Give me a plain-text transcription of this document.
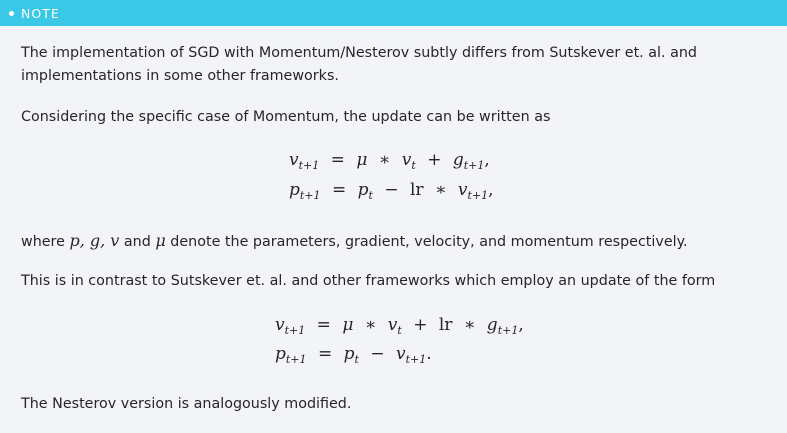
NOTE
The implementation of SGD with Momentum/Nesterov subtly differs from Sutskever et. al. and implementations in some other frameworks.
Considering the specific case of Momentum, the update can be written as
$v_{t+1} = \mu$ ∗ $v_t + g_{t+1}$,
$p_{t+1} = p_t$ − lr ∗ $v_{t+1}$,
where p, g, v and μ denote the parameters, gradient, velocity, and momentum respectively.
This is in contrast to Sutskever et. al. and other frameworks which employ an update of the form
$v_{t+1} = \mu$ ∗ $v_t$ + lr ∗ $g_{t+1}$,
$p_{t+1} = p_t - v_{t+1}$.
The Nesterov version is analogously modified.
